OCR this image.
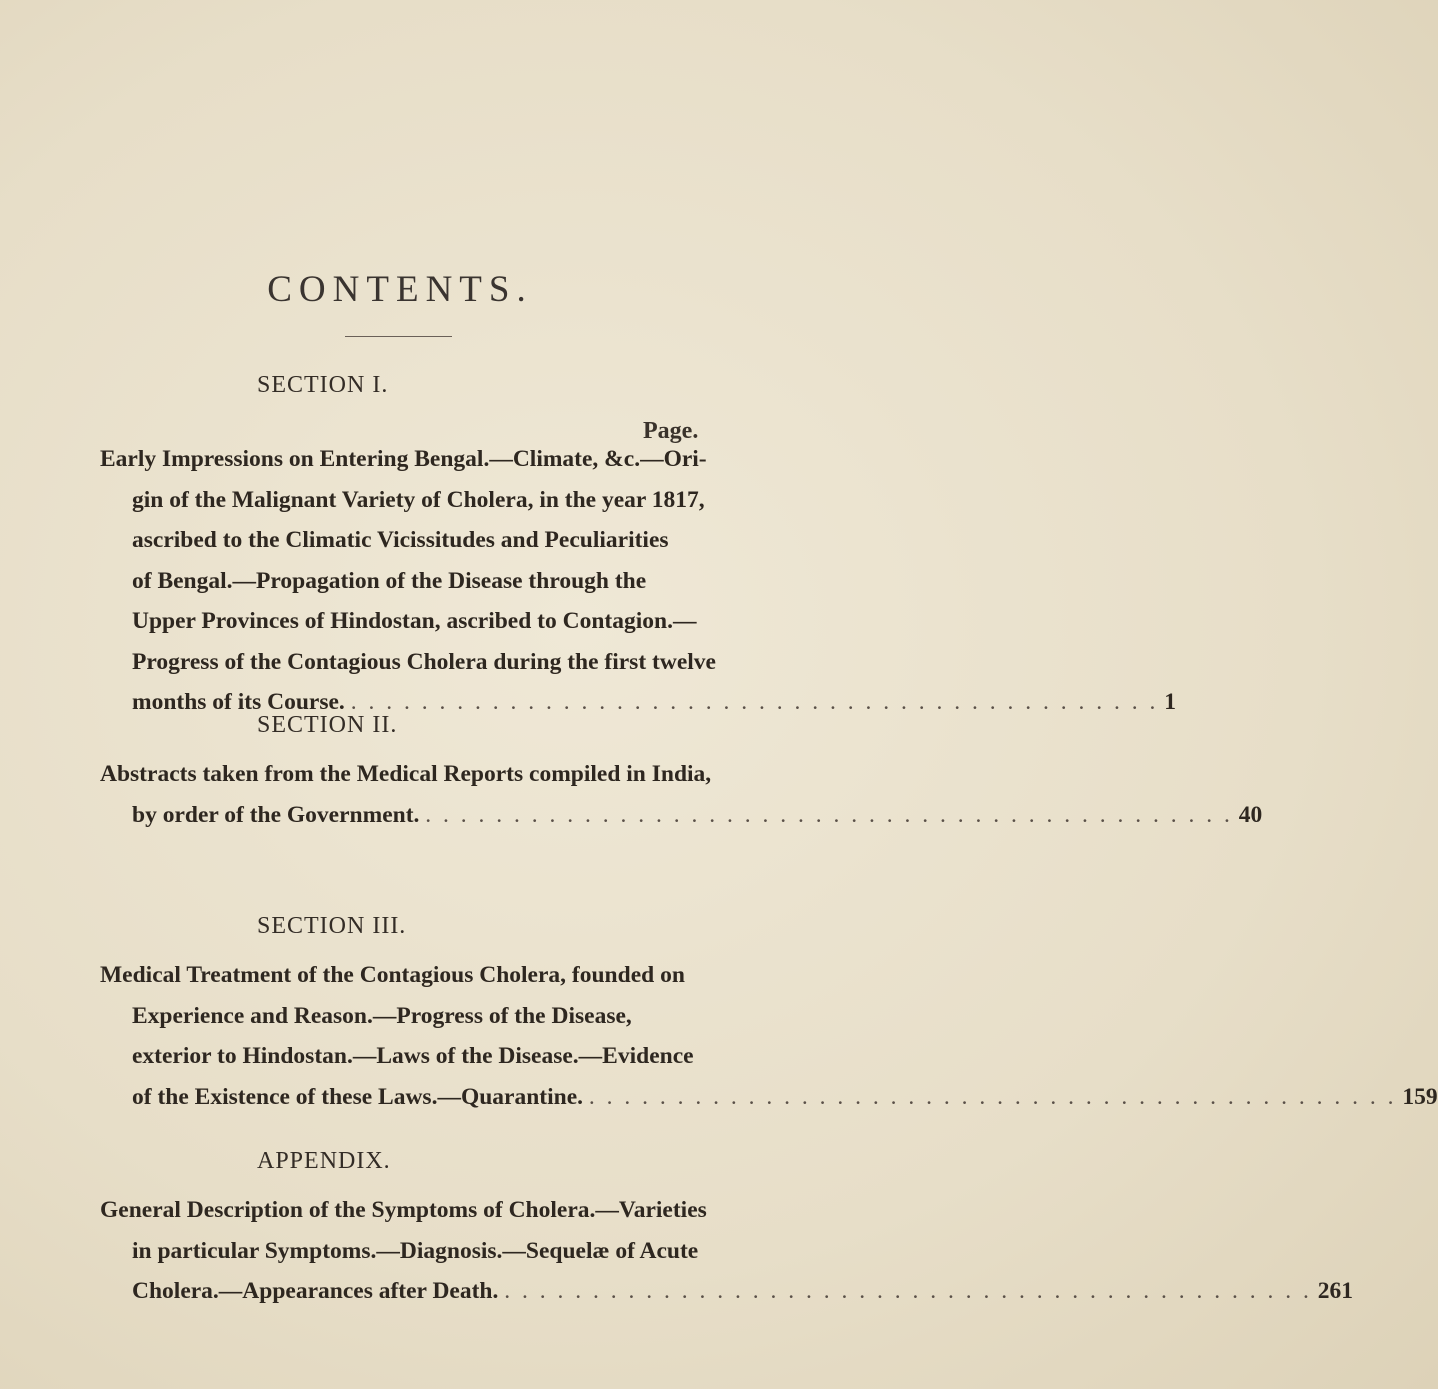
CONTENTS.
SECTION I.
Page.
Early Impressions on Entering Bengal.—Climate, &c.—Ori-
gin of the Malignant Variety of Cholera, in the year 1817,
ascribed to the Climatic Vicissitudes and Peculiarities
of Bengal.—Propagation of the Disease through the
Upper Provinces of Hindostan, ascribed to Contagion.—
Progress of the Contagious Cholera during the first twelve
months of its Course. . . .	1
SECTION II.
Abstracts taken from the Medical Reports compiled in India,
by order of the Government. . . .	40
SECTION III.
Medical Treatment of the Contagious Cholera, founded on
Experience and Reason.—Progress of the Disease,
exterior to Hindostan.—Laws of the Disease.—Evidence
of the Existence of these Laws.—Quarantine. . . .	159
APPENDIX.
General Description of the Symptoms of Cholera.—Varieties
in particular Symptoms.—Diagnosis.—Sequelæ of Acute
Cholera.—Appearances after Death. . . .	261
